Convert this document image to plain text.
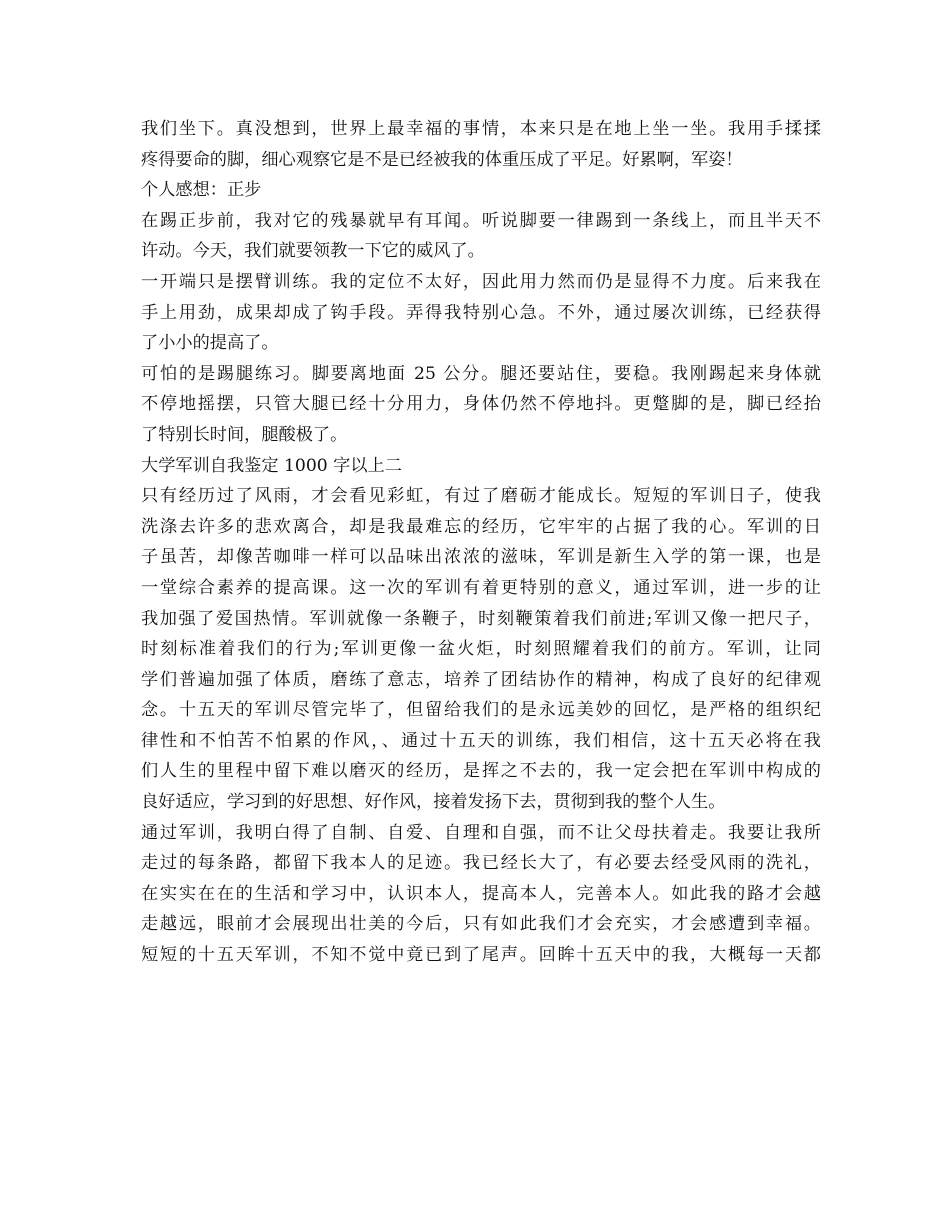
我们坐下。真没想到，世界上最幸福的事情，本来只是在地上坐一坐。我用手揉揉
疼得要命的脚，细心观察它是不是已经被我的体重压成了平足。好累啊，军姿！
个人感想：正步
在踢正步前，我对它的残暴就早有耳闻。听说脚要一律踢到一条线上，而且半天不
许动。今天，我们就要领教一下它的威风了。
一开端只是摆臂训练。我的定位不太好，因此用力然而仍是显得不力度。后来我在
手上用劲，成果却成了钩手段。弄得我特别心急。不外，通过屡次训练，已经获得
了小小的提高了。
可怕的是踢腿练习。脚要离地面 25 公分。腿还要站住，要稳。我刚踢起来身体就
不停地摇摆，只管大腿已经十分用力，身体仍然不停地抖。更蹩脚的是，脚已经抬
了特别长时间，腿酸极了。
大学军训自我鉴定 1000 字以上二
只有经历过了风雨，才会看见彩虹，有过了磨砺才能成长。短短的军训日子，使我
洗涤去许多的悲欢离合，却是我最难忘的经历，它牢牢的占据了我的心。军训的日
子虽苦，却像苦咖啡一样可以品味出浓浓的滋味，军训是新生入学的第一课，也是
一堂综合素养的提高课。这一次的军训有着更特别的意义，通过军训，进一步的让
我加强了爱国热情。军训就像一条鞭子，时刻鞭策着我们前进;军训又像一把尺子，
时刻标准着我们的行为;军训更像一盆火炬，时刻照耀着我们的前方。军训，让同
学们普遍加强了体质，磨练了意志，培养了团结协作的精神，构成了良好的纪律观
念。十五天的军训尽管完毕了，但留给我们的是永远美妙的回忆，是严格的组织纪
律性和不怕苦不怕累的作风，、通过十五天的训练，我们相信，这十五天必将在我
们人生的里程中留下难以磨灭的经历，是挥之不去的，我一定会把在军训中构成的
良好适应，学习到的好思想、好作风，接着发扬下去，贯彻到我的整个人生。
通过军训，我明白得了自制、自爱、自理和自强，而不让父母扶着走。我要让我所
走过的每条路，都留下我本人的足迹。我已经长大了，有必要去经受风雨的洗礼，
在实实在在的生活和学习中，认识本人，提高本人，完善本人。如此我的路才会越
走越远，眼前才会展现出壮美的今后，只有如此我们才会充实，才会感遭到幸福。
短短的十五天军训，不知不觉中竟已到了尾声。回眸十五天中的我，大概每一天都
